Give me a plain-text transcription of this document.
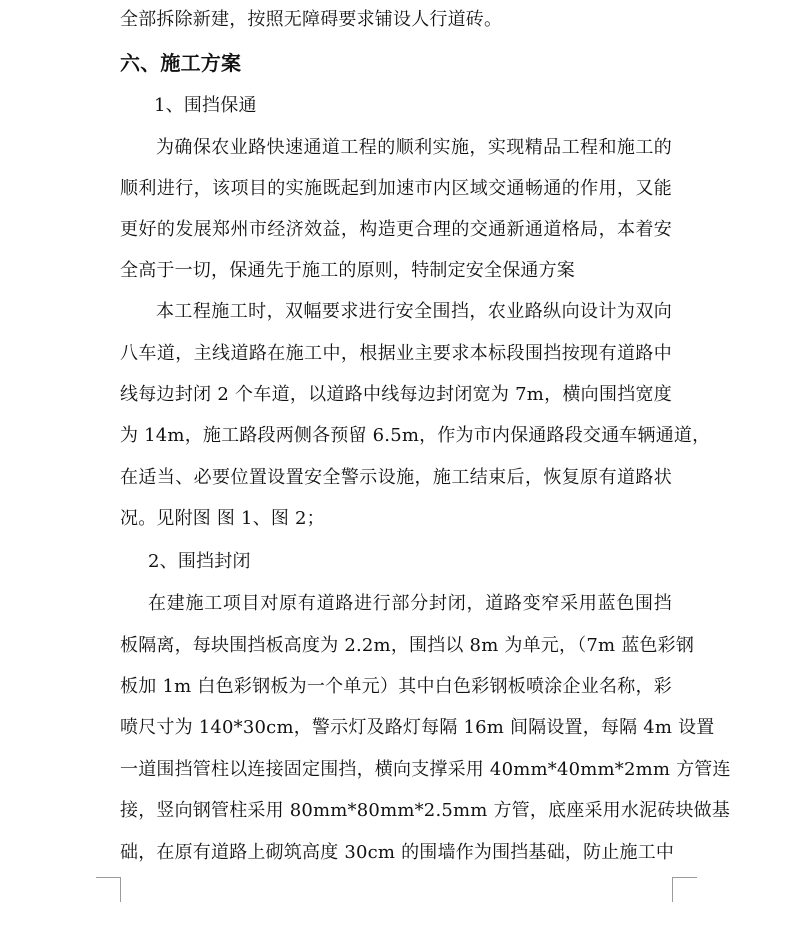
全部拆除新建，按照无障碍要求铺设人行道砖。
六、施工方案
1、围挡保通
为确保农业路快速通道工程的顺利实施，实现精品工程和施工的
顺利进行，该项目的实施既起到加速市内区域交通畅通的作用，又能
更好的发展郑州市经济效益，构造更合理的交通新通道格局，本着安
全高于一切，保通先于施工的原则，特制定安全保通方案
本工程施工时，双幅要求进行安全围挡，农业路纵向设计为双向
八车道，主线道路在施工中，根据业主要求本标段围挡按现有道路中
线每边封闭 2 个车道，以道路中线每边封闭宽为 7m，横向围挡宽度
为 14m，施工路段两侧各预留 6.5m，作为市内保通路段交通车辆通道，
在适当、必要位置设置安全警示设施，施工结束后，恢复原有道路状
况。见附图 图 1、图 2；
2、围挡封闭
在建施工项目对原有道路进行部分封闭，道路变窄采用蓝色围挡
板隔离，每块围挡板高度为 2.2m，围挡以 8m 为单元，（7m 蓝色彩钢
板加 1m 白色彩钢板为一个单元）其中白色彩钢板喷涂企业名称，彩
喷尺寸为 140*30cm，警示灯及路灯每隔 16m 间隔设置，每隔 4m 设置
一道围挡管柱以连接固定围挡，横向支撑采用 40mm*40mm*2mm 方管连
接，竖向钢管柱采用 80mm*80mm*2.5mm 方管，底座采用水泥砖块做基
础，在原有道路上砌筑高度 30cm 的围墙作为围挡基础，防止施工中
